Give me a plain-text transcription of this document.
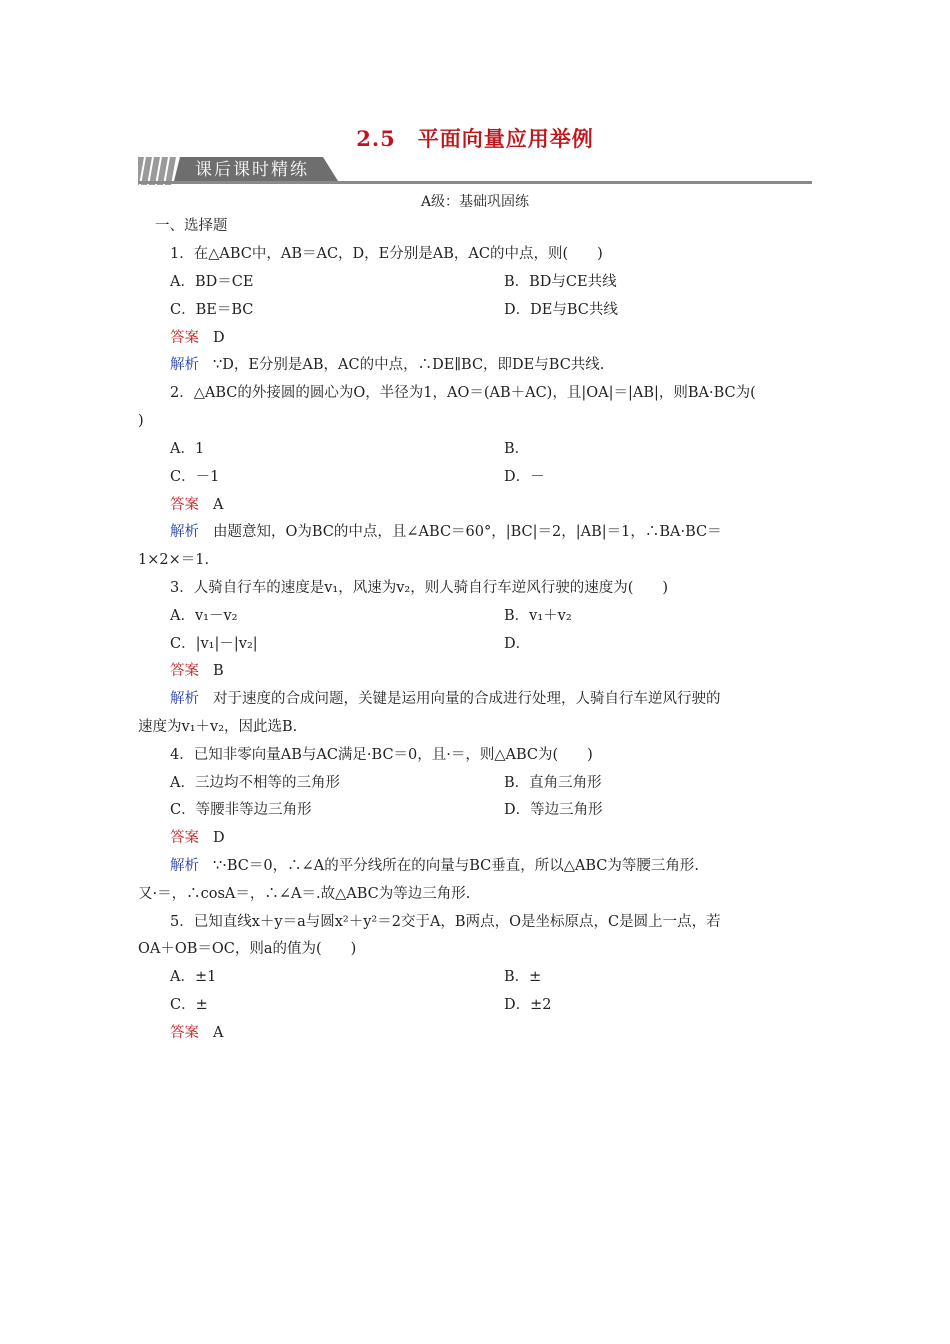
2.5　平面向量应用举例
课后课时精练
A级：基础巩固练
一、选择题
1．在△ABC中，AB＝AC，D，E分别是AB，AC的中点，则(　　)
A．BD＝CE	B．BD与CE共线
C．BE＝BC	D．DE与BC共线
答案 D
解析 ∵D，E分别是AB，AC的中点，∴DE∥BC，即DE与BC共线.
2．△ABC的外接圆的圆心为O，半径为1，AO＝(AB＋AC)，且|OA|＝|AB|，则BA·BC为(
)
A．1	B．
C．－1	D．－
答案 A
解析 由题意知，O为BC的中点，且∠ABC＝60°，|BC|＝2，|AB|＝1，∴BA·BC＝
1×2×＝1.
3．人骑自行车的速度是v₁，风速为v₂，则人骑自行车逆风行驶的速度为(　　)
A．v₁－v₂	B．v₁＋v₂
C．|v₁|－|v₂|	D．
答案 B
解析 对于速度的合成问题，关键是运用向量的合成进行处理，人骑自行车逆风行驶的
速度为v₁＋v₂，因此选B.
4．已知非零向量AB与AC满足·BC＝0，且·＝，则△ABC为(　　)
A．三边均不相等的三角形	B．直角三角形
C．等腰非等边三角形	D．等边三角形
答案 D
解析 ∵·BC＝0，∴∠A的平分线所在的向量与BC垂直，所以△ABC为等腰三角形.
又·＝，∴cosA＝，∴∠A＝.故△ABC为等边三角形.
5．已知直线x＋y＝a与圆x²＋y²＝2交于A，B两点，O是坐标原点，C是圆上一点，若
OA＋OB＝OC，则a的值为(　　)
A．±1	B．±
C．±	D．±2
答案 A
